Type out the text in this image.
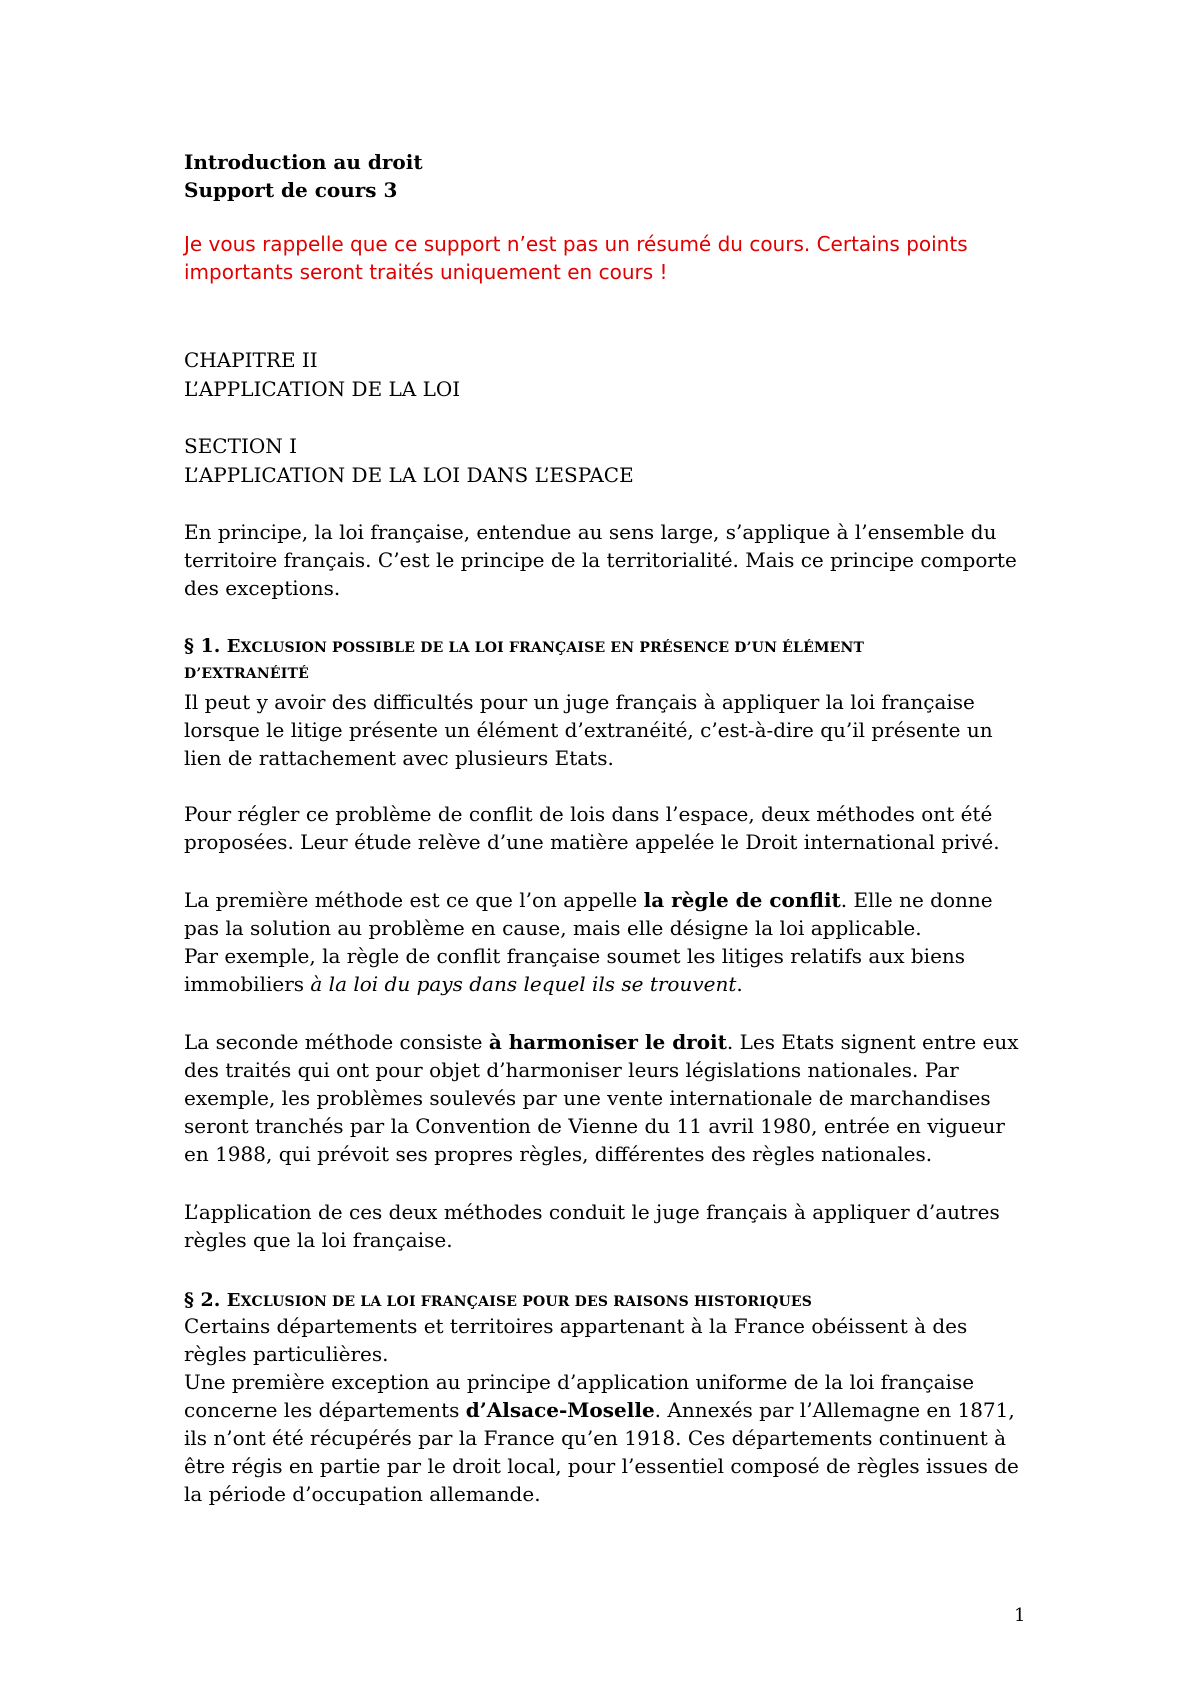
Introduction au droit
Support de cours 3
Je vous rappelle que ce support n’est pas un résumé du cours. Certains points
importants seront traités uniquement en cours !
CHAPITRE II
L’APPLICATION DE LA LOI
SECTION I
L’APPLICATION DE LA LOI DANS L’ESPACE

En principe, la loi française, entendue au sens large, s’applique à l’ensemble du

territoire français. C’est le principe de la territorialité. Mais ce principe comporte

des exceptions.

§ 1. EXCLUSION POSSIBLE DE LA LOI FRANÇAISE EN PRÉSENCE D’UN ÉLÉMENT
D’EXTRANÉITÉ

Il peut y avoir des difficultés pour un juge français à appliquer la loi française

lorsque le litige présente un élément d’extranéité, c’est-à-dire qu’il présente un

lien de rattachement avec plusieurs Etats.

Pour régler ce problème de conflit de lois dans l’espace, deux méthodes ont été

proposées. Leur étude relève d’une matière appelée le Droit international privé.

La première méthode est ce que l’on appelle la règle de conflit. Elle ne donne

pas la solution au problème en cause, mais elle désigne la loi applicable.

Par exemple, la règle de conflit française soumet les litiges relatifs aux biens

immobiliers à la loi du pays dans lequel ils se trouvent.

La seconde méthode consiste à harmoniser le droit. Les Etats signent entre eux

des traités qui ont pour objet d’harmoniser leurs législations nationales. Par

exemple, les problèmes soulevés par une vente internationale de marchandises

seront tranchés par la Convention de Vienne du 11 avril 1980, entrée en vigueur

en 1988, qui prévoit ses propres règles, différentes des règles nationales.

L’application de ces deux méthodes conduit le juge français à appliquer d’autres

règles que la loi française.

§ 2. EXCLUSION DE LA LOI FRANÇAISE POUR DES RAISONS HISTORIQUES

Certains départements et territoires appartenant à la France obéissent à des

règles particulières.

Une première exception au principe d’application uniforme de la loi française

concerne les départements d’Alsace-Moselle. Annexés par l’Allemagne en 1871,

ils n’ont été récupérés par la France qu’en 1918. Ces départements continuent à

être régis en partie par le droit local, pour l’essentiel composé de règles issues de

la période d’occupation allemande.

1
